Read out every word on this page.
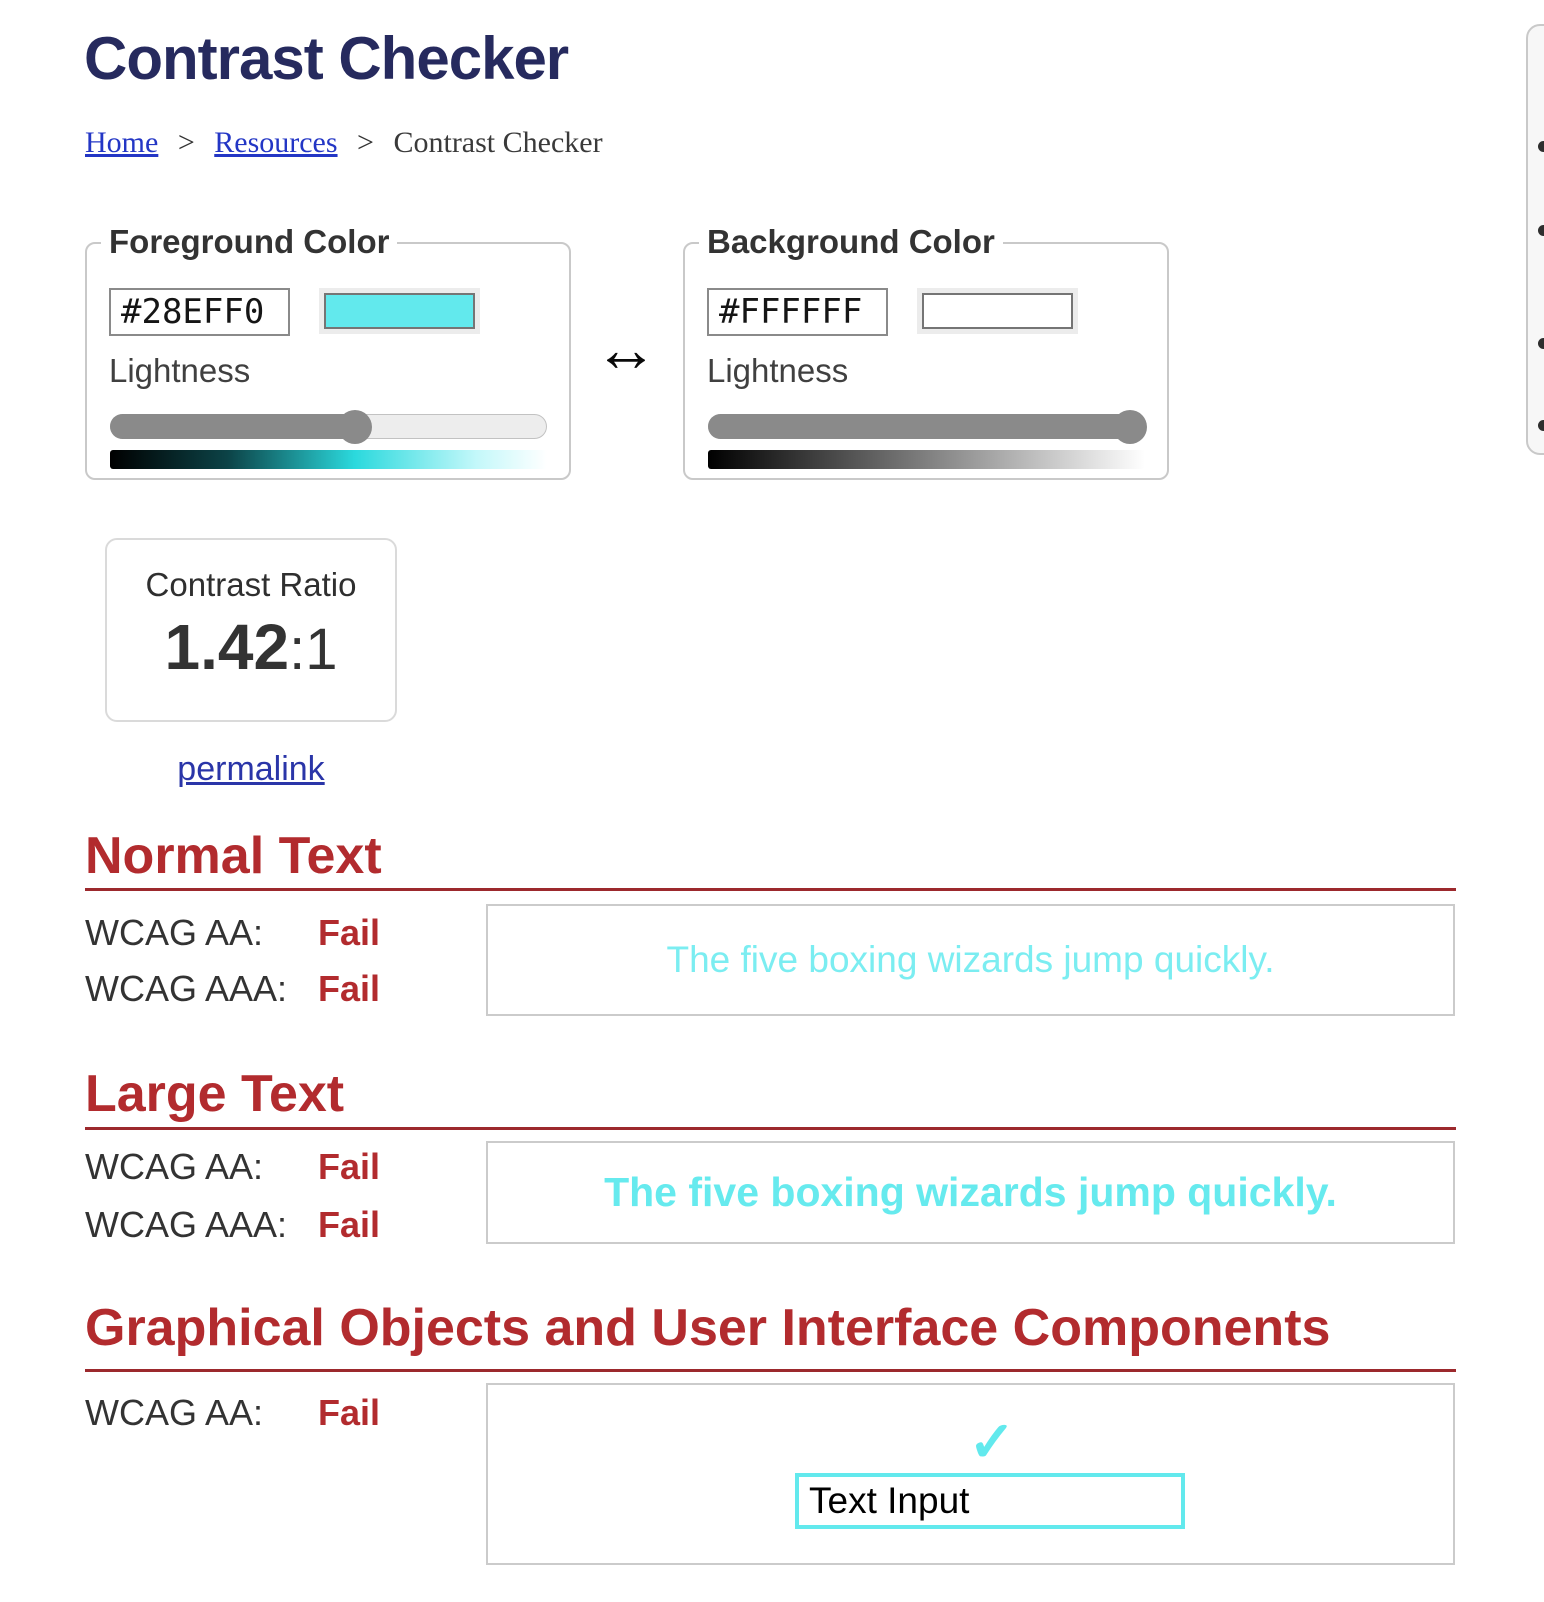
Contrast Checker
Home > Resources > Contrast Checker
Foreground Color
#28EFF0
Lightness	↔
Background Color
#FFFFFF
Lightness
Contrast Ratio
1.42:1
permalink
Normal Text
WCAG AA: Fail
WCAG AAA: Fail
The five boxing wizards jump quickly.
Large Text
WCAG AA: Fail
WCAG AAA: Fail
The five boxing wizards jump quickly.
Graphical Objects and User Interface Components
WCAG AA: Fail	✓
Text Input
